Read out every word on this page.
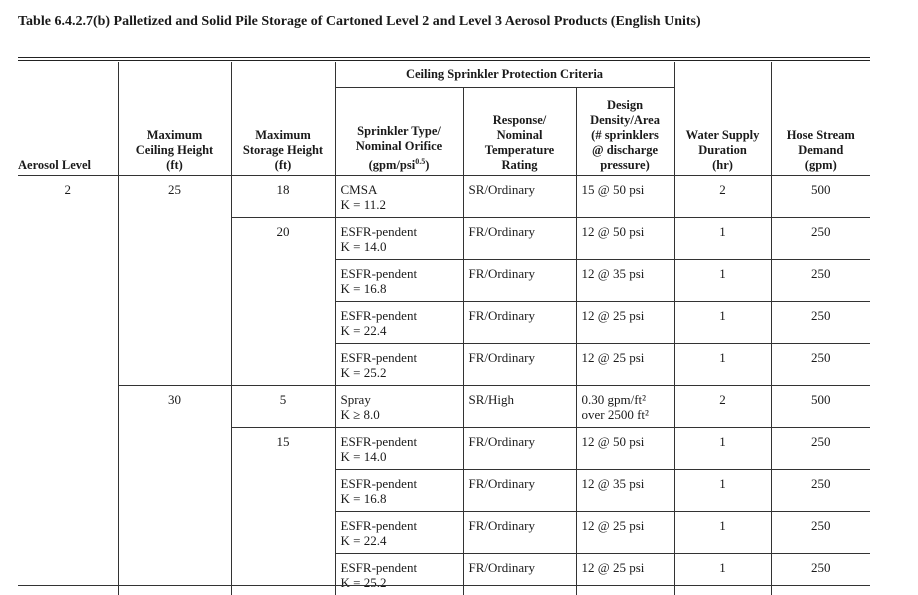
Table 6.4.2.7(b) Palletized and Solid Pile Storage of Cartoned Level 2 and Level 3 Aerosol Products (English Units)
Aerosol Level	Maximum
Ceiling Height
(ft)	Maximum
Storage Height
(ft)	Ceiling Sprinkler Protection Criteria			Water Supply
Duration
(hr)	Hose Stream
Demand
(gpm)
			Sprinkler Type/
Nominal Orifice
(gpm/psi$^{0.5}$)	Response/
Nominal
Temperature
Rating	Design
Density/Area
(# sprinklers
@ discharge
pressure)		
2	25	18	CMSA
K = 11.2	SR/Ordinary	15 @ 50 psi	2	500
		20	ESFR-pendent
K = 14.0	FR/Ordinary	12 @ 50 psi	1	250
			ESFR-pendent
K = 16.8	FR/Ordinary	12 @ 35 psi	1	250
			ESFR-pendent
K = 22.4	FR/Ordinary	12 @ 25 psi	1	250
			ESFR-pendent
K = 25.2	FR/Ordinary	12 @ 25 psi	1	250
	30	5	Spray
K ≥ 8.0	SR/High	0.30 gpm/ft²
over 2500 ft²	2	500
		15	ESFR-pendent
K = 14.0	FR/Ordinary	12 @ 50 psi	1	250
			ESFR-pendent
K = 16.8	FR/Ordinary	12 @ 35 psi	1	250
			ESFR-pendent
K = 22.4	FR/Ordinary	12 @ 25 psi	1	250
			ESFR-pendent
K = 25.2	FR/Ordinary	12 @ 25 psi	1	250
